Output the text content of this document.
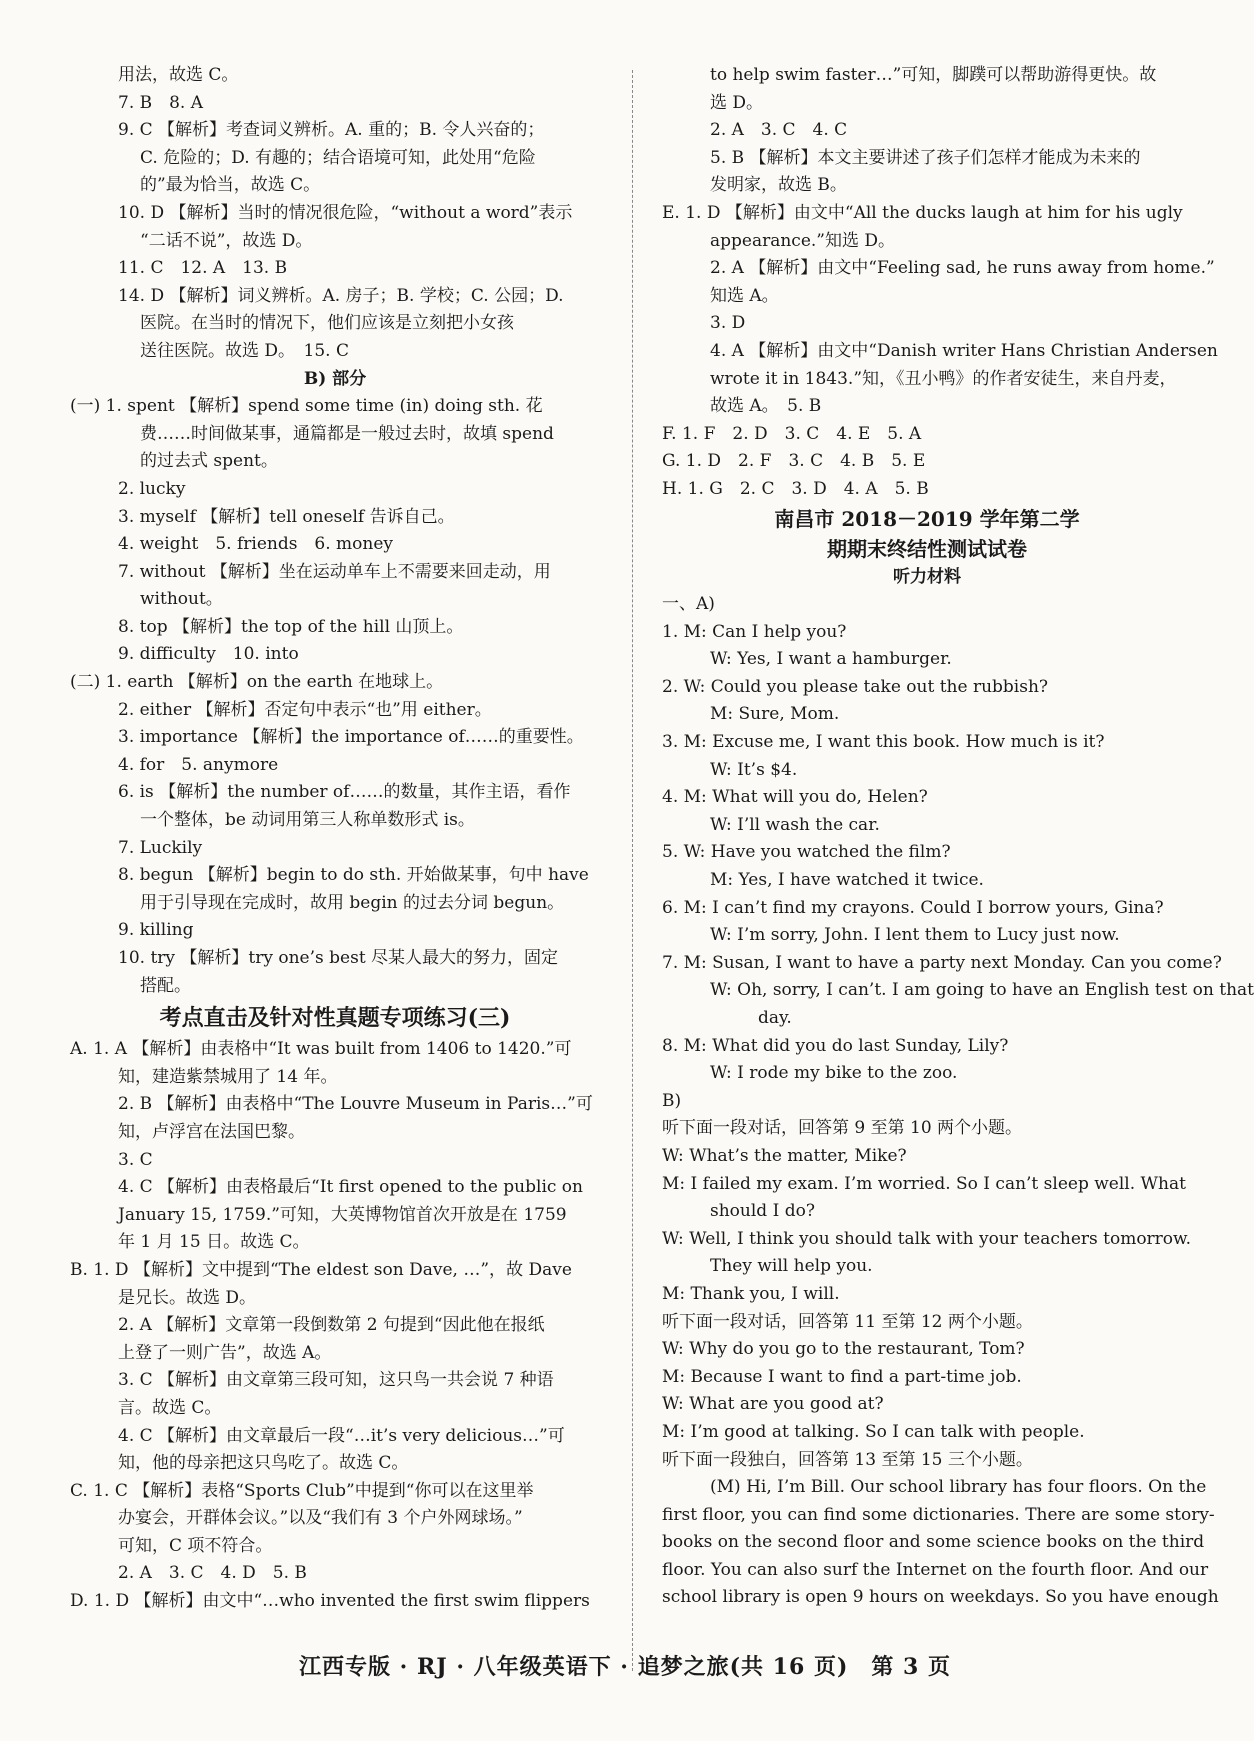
用法，故选 C。
7. B　8. A
9. C 【解析】考查词义辨析。A. 重的；B. 令人兴奋的；
C. 危险的；D. 有趣的；结合语境可知，此处用“危险
的”最为恰当，故选 C。
10. D 【解析】当时的情况很危险，“without a word”表示
“二话不说”，故选 D。
11. C　12. A　13. B
14. D 【解析】词义辨析。A. 房子；B. 学校；C. 公园；D.
医院。在当时的情况下，他们应该是立刻把小女孩
送往医院。故选 D。　15. C
B) 部分
(一) 1. spent 【解析】spend some time (in) doing sth. 花
费……时间做某事，通篇都是一般过去时，故填 spend
的过去式 spent。
2. lucky
3. myself 【解析】tell oneself 告诉自己。
4. weight　5. friends　6. money
7. without 【解析】坐在运动单车上不需要来回走动，用
without。
8. top 【解析】the top of the hill 山顶上。
9. difficulty　10. into
(二) 1. earth 【解析】on the earth 在地球上。
2. either 【解析】否定句中表示“也”用 either。
3. importance 【解析】the importance of……的重要性。
4. for　5. anymore
6. is 【解析】the number of……的数量，其作主语，看作
一个整体，be 动词用第三人称单数形式 is。
7. Luckily
8. begun 【解析】begin to do sth. 开始做某事，句中 have
用于引导现在完成时，故用 begin 的过去分词 begun。
9. killing
10. try 【解析】try one’s best 尽某人最大的努力，固定
搭配。
考点直击及针对性真题专项练习(三)
A. 1. A 【解析】由表格中“It was built from 1406 to 1420.”可
知，建造紫禁城用了 14 年。
2. B 【解析】由表格中“The Louvre Museum in Paris…”可
知，卢浮宫在法国巴黎。
3. C
4. C 【解析】由表格最后“It first opened to the public on
January 15, 1759.”可知，大英博物馆首次开放是在 1759
年 1 月 15 日。故选 C。
B. 1. D 【解析】文中提到“The eldest son Dave, …”，故 Dave
是兄长。故选 D。
2. A 【解析】文章第一段倒数第 2 句提到“因此他在报纸
上登了一则广告”，故选 A。
3. C 【解析】由文章第三段可知，这只鸟一共会说 7 种语
言。故选 C。
4. C 【解析】由文章最后一段“…it’s very delicious…”可
知，他的母亲把这只鸟吃了。故选 C。
C. 1. C 【解析】表格“Sports Club”中提到“你可以在这里举
办宴会，开群体会议。”以及“我们有 3 个户外网球场。”
可知，C 项不符合。
2. A　3. C　4. D　5. B
D. 1. D 【解析】由文中“…who invented the first swim flippers
to help swim faster…”可知，脚蹼可以帮助游得更快。故
选 D。
2. A　3. C　4. C
5. B 【解析】本文主要讲述了孩子们怎样才能成为未来的
发明家，故选 B。
E. 1. D 【解析】由文中“All the ducks laugh at him for his ugly
appearance.”知选 D。
2. A 【解析】由文中“Feeling sad, he runs away from home.”
知选 A。
3. D
4. A 【解析】由文中“Danish writer Hans Christian Andersen
wrote it in 1843.”知，《丑小鸭》的作者安徒生，来自丹麦，
故选 A。　5. B
F. 1. F　2. D　3. C　4. E　5. A
G. 1. D　2. F　3. C　4. B　5. E
H. 1. G　2. C　3. D　4. A　5. B
南昌市 2018－2019 学年第二学
期期末终结性测试试卷
听力材料
一、A)
1. M: Can I help you?
W: Yes, I want a hamburger.
2. W: Could you please take out the rubbish?
M: Sure, Mom.
3. M: Excuse me, I want this book. How much is it?
W: It’s $4.
4. M: What will you do, Helen?
W: I’ll wash the car.
5. W: Have you watched the film?
M: Yes, I have watched it twice.
6. M: I can’t find my crayons. Could I borrow yours, Gina?
W: I’m sorry, John. I lent them to Lucy just now.
7. M: Susan, I want to have a party next Monday. Can you come?
W: Oh, sorry, I can’t. I am going to have an English test on that
day.
8. M: What did you do last Sunday, Lily?
W: I rode my bike to the zoo.
B)
听下面一段对话，回答第 9 至第 10 两个小题。
W: What’s the matter, Mike?
M: I failed my exam. I’m worried. So I can’t sleep well. What
should I do?
W: Well, I think you should talk with your teachers tomorrow.
They will help you.
M: Thank you, I will.
听下面一段对话，回答第 11 至第 12 两个小题。
W: Why do you go to the restaurant, Tom?
M: Because I want to find a part-time job.
W: What are you good at?
M: I’m good at talking. So I can talk with people.
听下面一段独白，回答第 13 至第 15 三个小题。
(M) Hi, I’m Bill. Our school library has four floors. On the
first floor, you can find some dictionaries. There are some story-
books on the second floor and some science books on the third
floor. You can also surf the Internet on the fourth floor. And our
school library is open 9 hours on weekdays. So you have enough
江西专版 · RJ · 八年级英语下 · 追梦之旅(共 16 页)　第 3 页
